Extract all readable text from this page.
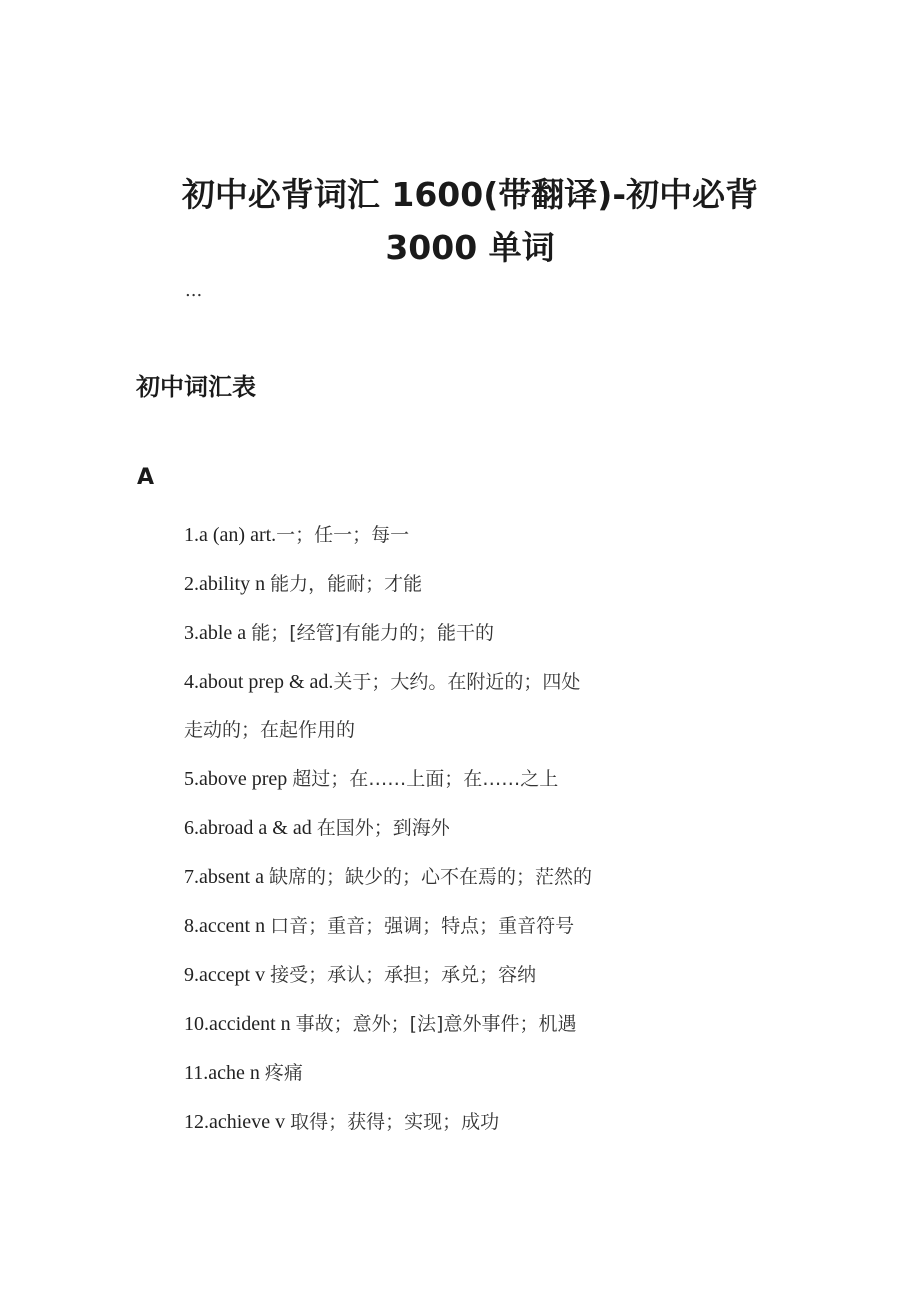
初中必背词汇 1600(带翻译)-初中必背
3000 单词
...
初中词汇表
A
1.a (an) art.一；任一；每一
2.ability n 能力，能耐；才能
3.able a 能；[经管]有能力的；能干的
4.about prep & ad.关于；大约。在附近的；四处
走动的；在起作用的
5.above prep 超过；在……上面；在……之上
6.abroad a & ad 在国外；到海外
7.absent a 缺席的；缺少的；心不在焉的；茫然的
8.accent n 口音；重音；强调；特点；重音符号
9.accept v 接受；承认；承担；承兑；容纳
10.accident n 事故；意外；[法]意外事件；机遇
11.ache n 疼痛
12.achieve v 取得；获得；实现；成功
